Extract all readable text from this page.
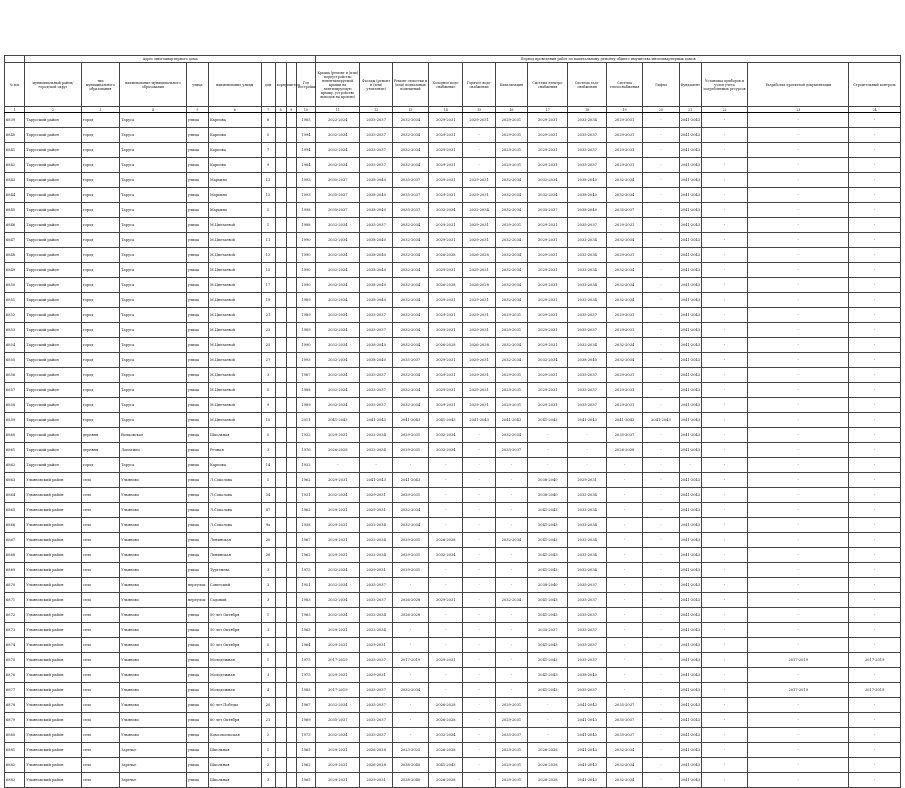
	Адрес многоквартирного дома									Период проведения работ по капитальному ремонту общего имущества многоквартирных домов													
№ п/п	муниципальный район/городской округ	тип муниципального образования	наименование муниципального образования	улица	наименование улицы	дом	корпус	литера	Год постройки	Крыша (ремонт и (или) переустройство невентилируемой крыши на вентилируемую крышу, устройство выходов на кровлю)	Фасады (ремонт и (или) утепление)	Ремонт отмостки и (или) подвальных помещений	Холодное водо-снабжение	Горячее водо-снабжение	Канализация	Система электро-снабжения	Система газо-снабжения	Система теплоснабжения	Лифты	Фундамент	Установка приборов и узлов учета потребляемых ресурсов	Разработка проектной документации	Строительный контроль
1	2	3	4	5	6	7	8	9	10	11	12	13	14	15	16	17	18	19	20	21	22	23	24
6839	Тарусский район	город	Таруса	улица	Карпова	6			1985	2022-2024	2035-2037	2032-2034	2029-2031	2029-2031	2029-2031	2029-2031	2032-2034	2029-2031	-	2041-2043	-	-	-
6840	Тарусский район	город	Таруса	улица	Карпова	5			1994	2032-2034	2035-2037	2032-2034	2029-2031	-	2029-2031	2029-2031	2035-2037	2029-2031	-	2041-2043	-	-	-
6841	Тарусский район	город	Таруса	улица	Карпова	7			1994	2032-2034	2035-2037	2032-2034	2029-2031	-	2029-2031	2029-2031	2035-2037	2029-2031	-	2041-2043	-	-	-
6842	Тарусский район	город	Таруса	улица	Карпова	9			1984	2032-2034	2035-2037	2032-2034	2029-2031	-	2029-2031	2029-2031	2035-2037	2029-2031	-	2041-2043	-	-	-
6843	Тарусский район	город	Таруса	улица	Марьино	13			1993	2035-2037	2038-2040	2035-2037	2029-2031	2029-2031	2032-2034	2032-2034	2038-2040	2032-2034	-	2041-2043	-	-	-
6844	Тарусский район	город	Таруса	улица	Марьино	15			1993	2035-2037	2038-2040	2035-2037	2029-2031	2029-2031	2032-2034	2032-2034	2038-2040	2032-2034	-	2041-2043	-	-	-
6845	Тарусский район	город	Таруса	улица	Марьино	5			1998	2035-2037	2038-2040	2035-2037	2032-2034	2032-2034	2032-2034	2035-2037	2038-2040	2035-2037	-	2041-2043	-	-	-
6846	Тарусский район	город	Таруса	улица	М.Цветаевой	1			1988	2032-2034	2035-2037	2032-2034	2029-2031	2029-2031	2029-2031	2029-2031	2035-2037	2029-2031	-	2041-2043	-	-	-
6847	Тарусский район	город	Таруса	улица	М.Цветаевой	11			1990	2032-2034	2038-2040	2032-2034	2029-2031	2029-2031	2032-2034	2029-2031	2032-2034	2032-2034	-	2041-2043	-	-	-
6848	Тарусский район	город	Таруса	улица	М.Цветаевой	13			1990	2032-2034	2038-2040	2032-2034	2026-2028	2026-2028	2032-2034	2029-2031	2032-2034	2029-2031	-	2041-2043	-	-	-
6849	Тарусский район	город	Таруса	улица	М.Цветаевой	15			1990	2032-2034	2038-2040	2032-2034	2029-2031	2029-2031	2032-2034	2029-2031	2032-2034	2032-2034	-	2041-2043	-	-	-
6850	Тарусский район	город	Таруса	улица	М.Цветаевой	17			1990	2032-2034	2038-2040	2032-2034	2026-2028	2026-2028	2032-2034	2029-2031	2032-2034	2032-2034	-	2041-2043	-	-	-
6851	Тарусский район	город	Таруса	улица	М.Цветаевой	19			1989	2032-2034	2038-2040	2032-2034	2029-2031	2029-2031	2032-2034	2029-2031	2032-2034	2032-2034	-	2041-2043	-	-	-
6852	Тарусский район	город	Таруса	улица	М.Цветаевой	21			1989	2032-2034	2035-2037	2032-2034	2029-2031	2029-2031	2029-2031	2029-2031	2035-2037	2029-2031	-	2041-2043	-	-	-
6853	Тарусский район	город	Таруса	улица	М.Цветаевой	23			1989	2032-2034	2035-2037	2032-2034	2029-2031	2029-2031	2029-2031	2029-2031	2035-2037	2029-2031	-	2041-2043	-	-	-
6854	Тарусский район	город	Таруса	улица	М.Цветаевой	25			1990	2032-2034	2038-2040	2032-2034	2026-2028	2026-2028	2032-2034	2029-2031	2032-2034	2032-2034	-	2041-2043	-	-	-
6855	Тарусский район	город	Таруса	улица	М.Цветаевой	27			1993	2032-2034	2038-2040	2035-2037	2029-2031	2029-2031	2032-2034	2032-2034	2038-2040	2032-2034	-	2041-2043	-	-	-
6856	Тарусский район	город	Таруса	улица	М.Цветаевой	3			1987	2032-2034	2035-2037	2032-2034	2029-2031	2029-2031	2029-2031	2029-2031	2035-2037	2029-2031	-	2041-2043	-	-	-
6857	Тарусский район	город	Таруса	улица	М.Цветаевой	5			1988	2032-2034	2035-2037	2032-2034	2029-2031	2029-2031	2029-2031	2029-2031	2035-2037	2029-2031	-	2041-2043	-	-	-
6858	Тарусский район	город	Таруса	улица	М.Цветаевой	9			1989	2032-2034	2035-2037	2032-2034	2029-2031	2029-2031	2029-2031	2029-2031	2035-2037	2029-2031	-	2041-2043	-	-	-
6859	Тарусский район	город	Таруса	улица	М.Цветаевой	10			2011	2041-2043	2041-2043	2041-2043	2041-2043	2041-2043	2041-2043	2041-2043	2041-2043	2041-2043	2041-2043	2041-2043	-	-	-
6860	Тарусский район	деревня	Волковское	улица	Школьная	5			1932	2029-2031	2032-2034	2029-2031	2032-2034	-	2032-2034	-	-	2035-2037	-	2041-2043	-	-	-
6861	Тарусский район	деревня	Лопатино	улица	Речная	3			1976	2026-2028	2032-2034	2029-2031	2032-2034	-	2035-2037	-	-	2026-2028	-	2041-2043	-	-	-
6862	Тарусский район	город	Таруса	улица	Карпова	14			1932	-	-	-	-	-	-	-	-	-	-	-	-	-	-
6863	Ульяновский район	село	Ульяново	улица	Л.Соколова	1			1962	2029-2031	2041-2043	2041-2043	-	-	-	2038-2040	2029-2031	-	-	2041-2043	-	-	-
6864	Ульяновский район	село	Ульяново	улица	Л.Соколова	54			1931	2032-2034	2029-2031	2029-2031	-	-	-	2038-2040	2032-2034	-	-	2041-2043	-	-	-
6865	Ульяновский район	село	Ульяново	улица	Л.Соколова	87			1962	2029-2031	2029-2031	2032-2034	-	-	-	2041-2043	2032-2034	-	-	2041-2043	-	-	-
6866	Ульяновский район	село	Ульяново	улица	Л.Соколова	9а			1958	2029-2031	2032-2034	2032-2034	-	-	-	2041-2043	2032-2034	-	-	2041-2043	-	-	-
6867	Ульяновский район	село	Ульяново	улица	Ленинская	20			1967	2029-2031	2032-2034	2029-2031	2026-2028	-	2032-2034	2041-2043	2032-2034	-	-	2041-2043	-	-	-
6868	Ульяновский район	село	Ульяново	улица	Ленинская	26			1962	2029-2031	2032-2034	2029-2031	2032-2034	-	-	2041-2043	2032-2034	-	-	2041-2043	-	-	-
6869	Ульяновский район	село	Ульяново	улица	Тургенева	3			1975	2032-2034	2029-2031	2029-2031	-	-	-	2041-2043	2032-2034	-	-	2041-2043	-	-	-
6870	Ульяновский район	село	Ульяново	переулок	Советский	3			1951	2032-2034	2035-2037	-	-	-	-	2038-2040	2035-2037	-	-	2041-2043	-	-	-
6871	Ульяновский район	село	Ульяново	переулок	Садовый	3			1983	2032-2034	2035-2037	2026-2028	2029-2031	-	2032-2034	2041-2043	2035-2037	-	-	2041-2043	-	-	-
6872	Ульяновский район	село	Ульяново	улица	50 лет Октября	1			1965	2032-2034	2032-2034	2026-2028	-	-	-	2041-2043	2035-2037	-	-	2041-2043	-	-	-
6873	Ульяновский район	село	Ульяново	улица	50 лет Октября	3			1963	2029-2031	2032-2034	-	-	-	-	2035-2037	2035-2037	-	-	2041-2043	-	-	-
6874	Ульяновский район	село	Ульяново	улица	50 лет Октября	5			1964	2029-2031	2029-2031	-	-	-	-	2041-2043	2035-2037	-	-	2041-2043	-	-	-
6875	Ульяновский район	село	Ульяново	улица	Молодежная	1			1975	2017-2019	2035-2037	2017-2019	2029-2031	-	-	2041-2043	2035-2037	-	-	2041-2043	-	2017-2019	2017-2019
6876	Ульяновский район	село	Ульяново	улица	Молодежная	3			1975	2029-2031	2029-2031	-	-	-	-	2041-2043	2038-2040	-	-	2041-2043	-	-	-
6877	Ульяновский район	село	Ульяново	улица	Молодежная	4			1985	2017-2019	2035-2037	2032-2034	-	-	-	2041-2043	2035-2037	-	-	2041-2043	-	2017-2019	2017-2019
6878	Ульяновский район	село	Ульяново	улица	60 лет Победы	20			1967	2032-2034	2035-2037	-	2026-2028	-	2029-2031	-	2041-2043	2035-2037	-	2041-2043	-	-	-
6879	Ульяновский район	село	Ульяново	улица	60 лет Октября	21			1969	2035-2037	2035-2037	-	2026-2028	-	2029-2031	-	2041-2043	2035-2037	-	2041-2043	-	-	-
6880	Ульяновский район	село	Ульяново	улица	Комсомольская	2			1973	2032-2034	2035-2037	-	2032-2034	-	2035-2037	-	2041-2043	2035-2037	-	2041-2043	-	-	-
6881	Ульяновский район	село	Заречье	улица	Школьная	1			1965	2029-2031	2026-2028	2023-2025	2026-2028	-	2029-2031	2026-2028	2041-2043	2032-2034	-	2041-2043	-	-	-
6882	Ульяновский район	село	Заречье	улица	Школьная	2			1962	2029-2031	2026-2028	2038-2040	2041-2043	-	2029-2031	2026-2028	2041-2043	2032-2034	-	2041-2043	-	-	-
6883	Ульяновский район	село	Заречье	улица	Школьная	3			1965	2029-2031	2029-2031	2038-2040	2026-2028	-	2029-2031	2026-2028	2041-2043	2032-2034	-	2041-2043	-	-	-
